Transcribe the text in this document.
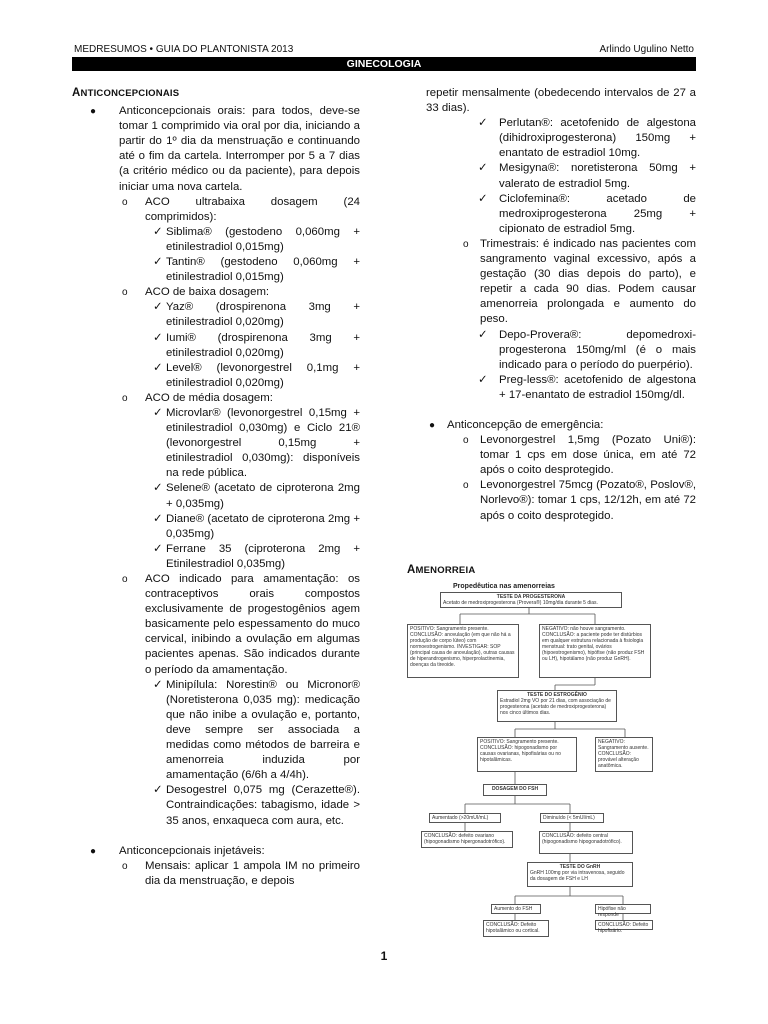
MEDRESUMOS • GUIA DO PLANTONISTA 2013	Arlindo Ugulino Netto
GINECOLOGIA
ANTICONCEPCIONAIS
● Anticoncepcionais orais: para todos, deve-se tomar 1 comprimido via oral por dia, iniciando a partir do 1º dia da menstruação e continuando até o fim da cartela. Interromper por 5 a 7 dias (a critério médico ou da paciente), para depois iniciar uma nova cartela.
o ACO ultrabaixa dosagem (24 comprimidos):
✓ Siblima® (gestodeno 0,060mg + etinilestradiol 0,015mg)
✓ Tantin® (gestodeno 0,060mg + etinilestradiol 0,015mg)
o ACO de baixa dosagem:
✓ Yaz® (drospirenona 3mg + etinilestradiol 0,020mg)
✓ Iumi® (drospirenona 3mg + etinilestradiol 0,020mg)
✓ Level® (levonorgestrel 0,1mg + etinilestradiol 0,020mg)
o ACO de média dosagem:
✓ Microvlar® (levonorgestrel 0,15mg + etinilestradiol 0,030mg) e Ciclo 21® (levonorgestrel 0,15mg + etinilestradiol 0,030mg): disponíveis na rede pública.
✓ Selene® (acetato de ciproterona 2mg + 0,035mg)
✓ Diane® (acetato de ciproterona 2mg + 0,035mg)
✓ Ferrane 35 (ciproterona 2mg + Etinilestradiol 0,035mg)
o ACO indicado para amamentação: os contraceptivos orais compostos exclusivamente de progestogênios agem basicamente pelo espessamento do muco cervical, inibindo a ovulação em algumas pacientes apenas. São indicados durante o período da amamentação.
✓ Minipílula: Norestin® ou Micronor® (Noretisterona 0,035 mg): medicação que não inibe a ovulação e, portanto, deve sempre ser associada a medidas como métodos de barreira e amenorreia induzida por amamentação (6/6h a 4/4h).
✓ Desogestrel 0,075 mg (Cerazette®). Contraindicações: tabagismo, idade > 35 anos, enxaqueca com aura, etc.
● Anticoncepcionais injetáveis:
o Mensais: aplicar 1 ampola IM no primeiro dia da menstruação, e depois
repetir mensalmente (obedecendo intervalos de 27 a 33 dias).
✓ Perlutan®: acetofenido de algestona (dihidroxiprogesterona) 150mg + enantato de estradiol 10mg.
✓ Mesigyna®: noretisterona 50mg + valerato de estradiol 5mg.
✓ Ciclofemina®: acetado de medroxiprogesterona 25mg + cipionato de estradiol 5mg.
o Trimestrais: é indicado nas pacientes com sangramento vaginal excessivo, após a gestação (30 dias depois do parto), e repetir a cada 90 dias. Podem causar amenorreia prolongada e aumento do peso.
✓ Depo-Provera®: depomedroxi-progesterona 150mg/ml (é o mais indicado para o período do puerpério).
✓ Preg-less®: acetofenido de algestona + 17-enantato de estradiol 150mg/dl.
● Anticoncepção de emergência:
o Levonorgestrel 1,5mg (Pozato Uni®): tomar 1 cps em dose única, em até 72 após o coito desprotegido.
o Levonorgestrel 75mcg (Pozato®, Poslov®, Norlevo®): tomar 1 cps, 12/12h, em até 72 após o coito desprotegido.
AMENORREIA
Propedêutica nas amenorreias
TESTE DA PROGESTERONA
Acetato de medroxiprogesterona (Provera®) 10mg/dia durante 5 dias.
POSITIVO: Sangramento presente. CONCLUSÃO: anovulação (em que não há a produção de corpo lúteo) com normoestrogenismo. INVESTIGAR: SOP (principal causa de anovulação), outras causas de hiperandrogenismo, hiperprolactinemia, doenças da tireoide.
NEGATIVO: não houve sangramento. CONCLUSÃO: a paciente pode ter distúrbios em qualquer estrutura relacionada à fisiologia menstrual: trato genital, ovários (hipoestrogenismo), hipófise (não produz FSH ou LH), hipotálamo (não produz GnRH).
TESTE DO ESTROGÊNIO
Estradiol 2mg VO por 21 dias, com associação de progesterona (acetato de medroxiprogesterona) nos cinco últimos dias.
POSITIVO: Sangramento presente. CONCLUSÃO: hipogonadismo por causas ovarianas, hipofisárias ou no hipotalâmicas.
NEGATIVO: Sangramento ausente. CONCLUSÃO: provável alteração anatômica.
DOSAGEM DO FSH
Aumentado (>20mUI/mL)	Diminuído (< 5mUI/mL)
CONCLUSÃO: defeito ovariano (hipogonadismo hipergonadotrófico).
CONCLUSÃO: defeito central (hipogonadismo hipogonadotrófico).
TESTE DO GnRH
GnRH 100mg por via intravenosa, seguido da dosagem de FSH e LH
Aumento do FSH	Hipófise não responde
CONCLUSÃO: Defeito hipotalâmico ou cortical.
CONCLUSÃO: Defeito hipofisário.
1
